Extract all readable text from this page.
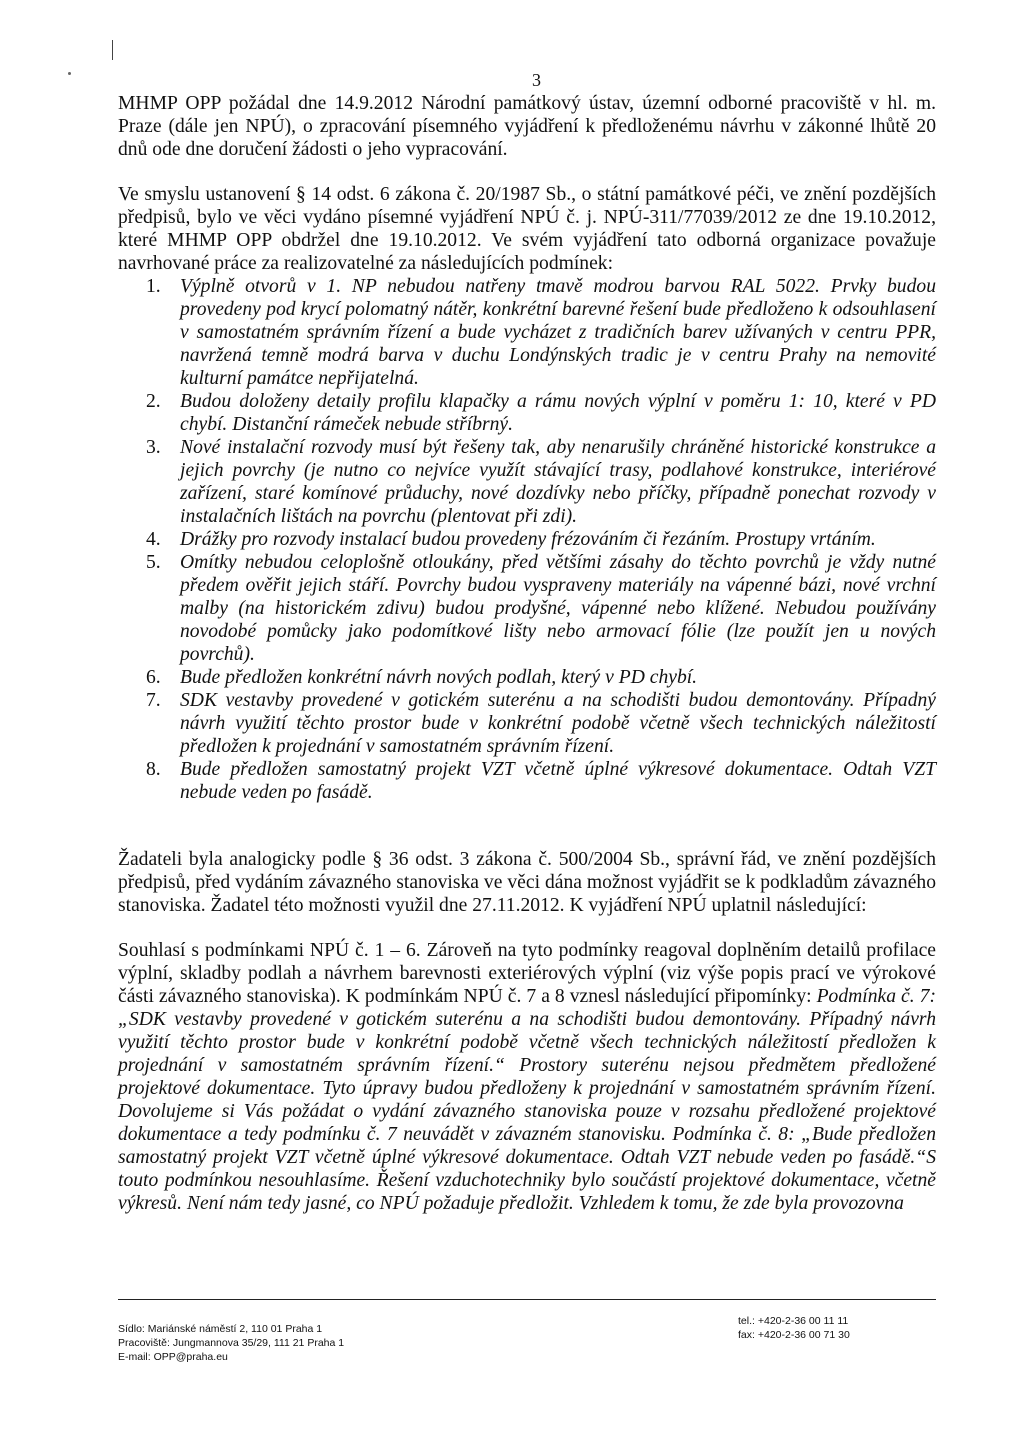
3

MHMP OPP požádal dne 14.9.2012 Národní památkový ústav, územní odborné pracoviště v hl. m. Praze (dále jen NPÚ), o zpracování písemného vyjádření k předloženému návrhu v zákonné lhůtě 20 dnů ode dne doručení žádosti o jeho vypracování.

Ve smyslu ustanovení § 14 odst. 6 zákona č. 20/1987 Sb., o státní památkové péči, ve znění pozdějších předpisů, bylo ve věci vydáno písemné vyjádření NPÚ č. j. NPÚ-311/77039/2012 ze dne 19.10.2012, které MHMP OPP obdržel dne 19.10.2012. Ve svém vyjádření tato odborná organizace považuje navrhované práce za realizovatelné za následujících podmínek:

1. Výplně otvorů v 1. NP nebudou natřeny tmavě modrou barvou RAL 5022. Prvky budou provedeny pod krycí polomatný nátěr, konkrétní barevné řešení bude předloženo k odsouhlasení v samostatném správním řízení a bude vycházet z tradičních barev užívaných v centru PPR, navržená temně modrá barva v duchu Londýnských tradic je v centru Prahy na nemovité kulturní památce nepřijatelná.
2. Budou doloženy detaily profilu klapačky a rámu nových výplní v poměru 1: 10, které v PD chybí. Distanční rámeček nebude stříbrný.
3. Nové instalační rozvody musí být řešeny tak, aby nenarušily chráněné historické konstrukce a jejich povrchy (je nutno co nejvíce využít stávající trasy, podlahové konstrukce, interiérové zařízení, staré komínové průduchy, nové dozdívky nebo příčky, případně ponechat rozvody v instalačních lištách na povrchu (plentovat při zdi).
4. Drážky pro rozvody instalací budou provedeny frézováním či řezáním. Prostupy vrtáním.
5. Omítky nebudou celoplošně otloukány, před většími zásahy do těchto povrchů je vždy nutné předem ověřit jejich stáří. Povrchy budou vyspraveny materiály na vápenné bázi, nové vrchní malby (na historickém zdivu) budou prodyšné, vápenné nebo klížené. Nebudou používány novodobé pomůcky jako podomítkové lišty nebo armovací fólie (lze použít jen u nových povrchů).
6. Bude předložen konkrétní návrh nových podlah, který v PD chybí.
7. SDK vestavby provedené v gotickém suterénu a na schodišti budou demontovány. Případný návrh využití těchto prostor bude v konkrétní podobě včetně všech technických náležitostí předložen k projednání v samostatném správním řízení.
8. Bude předložen samostatný projekt VZT včetně úplné výkresové dokumentace. Odtah VZT nebude veden po fasádě.

Žadateli byla analogicky podle § 36 odst. 3 zákona č. 500/2004 Sb., správní řád, ve znění pozdějších předpisů, před vydáním závazného stanoviska ve věci dána možnost vyjádřit se k podkladům závazného stanoviska. Žadatel této možnosti využil dne 27.11.2012. K vyjádření NPÚ uplatnil následující:

Souhlasí s podmínkami NPÚ č. 1 – 6. Zároveň na tyto podmínky reagoval doplněním detailů profilace výplní, skladby podlah a návrhem barevnosti exteriérových výplní (viz výše popis prací ve výrokové části závazného stanoviska). K podmínkám NPÚ č. 7 a 8 vznesl následující připomínky: Podmínka č. 7: „SDK vestavby provedené v gotickém suterénu a na schodišti budou demontovány. Případný návrh využití těchto prostor bude v konkrétní podobě včetně všech technických náležitostí předložen k projednání v samostatném správním řízení.“ Prostory suterénu nejsou předmětem předložené projektové dokumentace. Tyto úpravy budou předloženy k projednání v samostatném správním řízení. Dovolujeme si Vás požádat o vydání závazného stanoviska pouze v rozsahu předložené projektové dokumentace a tedy podmínku č. 7 neuvádět v závazném stanovisku. Podmínka č. 8: „Bude předložen samostatný projekt VZT včetně úplné výkresové dokumentace. Odtah VZT nebude veden po fasádě.“S touto podmínkou nesouhlasíme. Řešení vzduchotechniky bylo součástí projektové dokumentace, včetně výkresů. Není nám tedy jasné, co NPÚ požaduje předložit. Vzhledem k tomu, že zde byla provozovna

Sídlo: Mariánské náměstí 2, 110 01 Praha 1
Pracoviště: Jungmannova 35/29, 111 21 Praha 1
E-mail: OPP@praha.eu
tel.: +420-2-36 00 11 11
fax: +420-2-36 00 71 30
